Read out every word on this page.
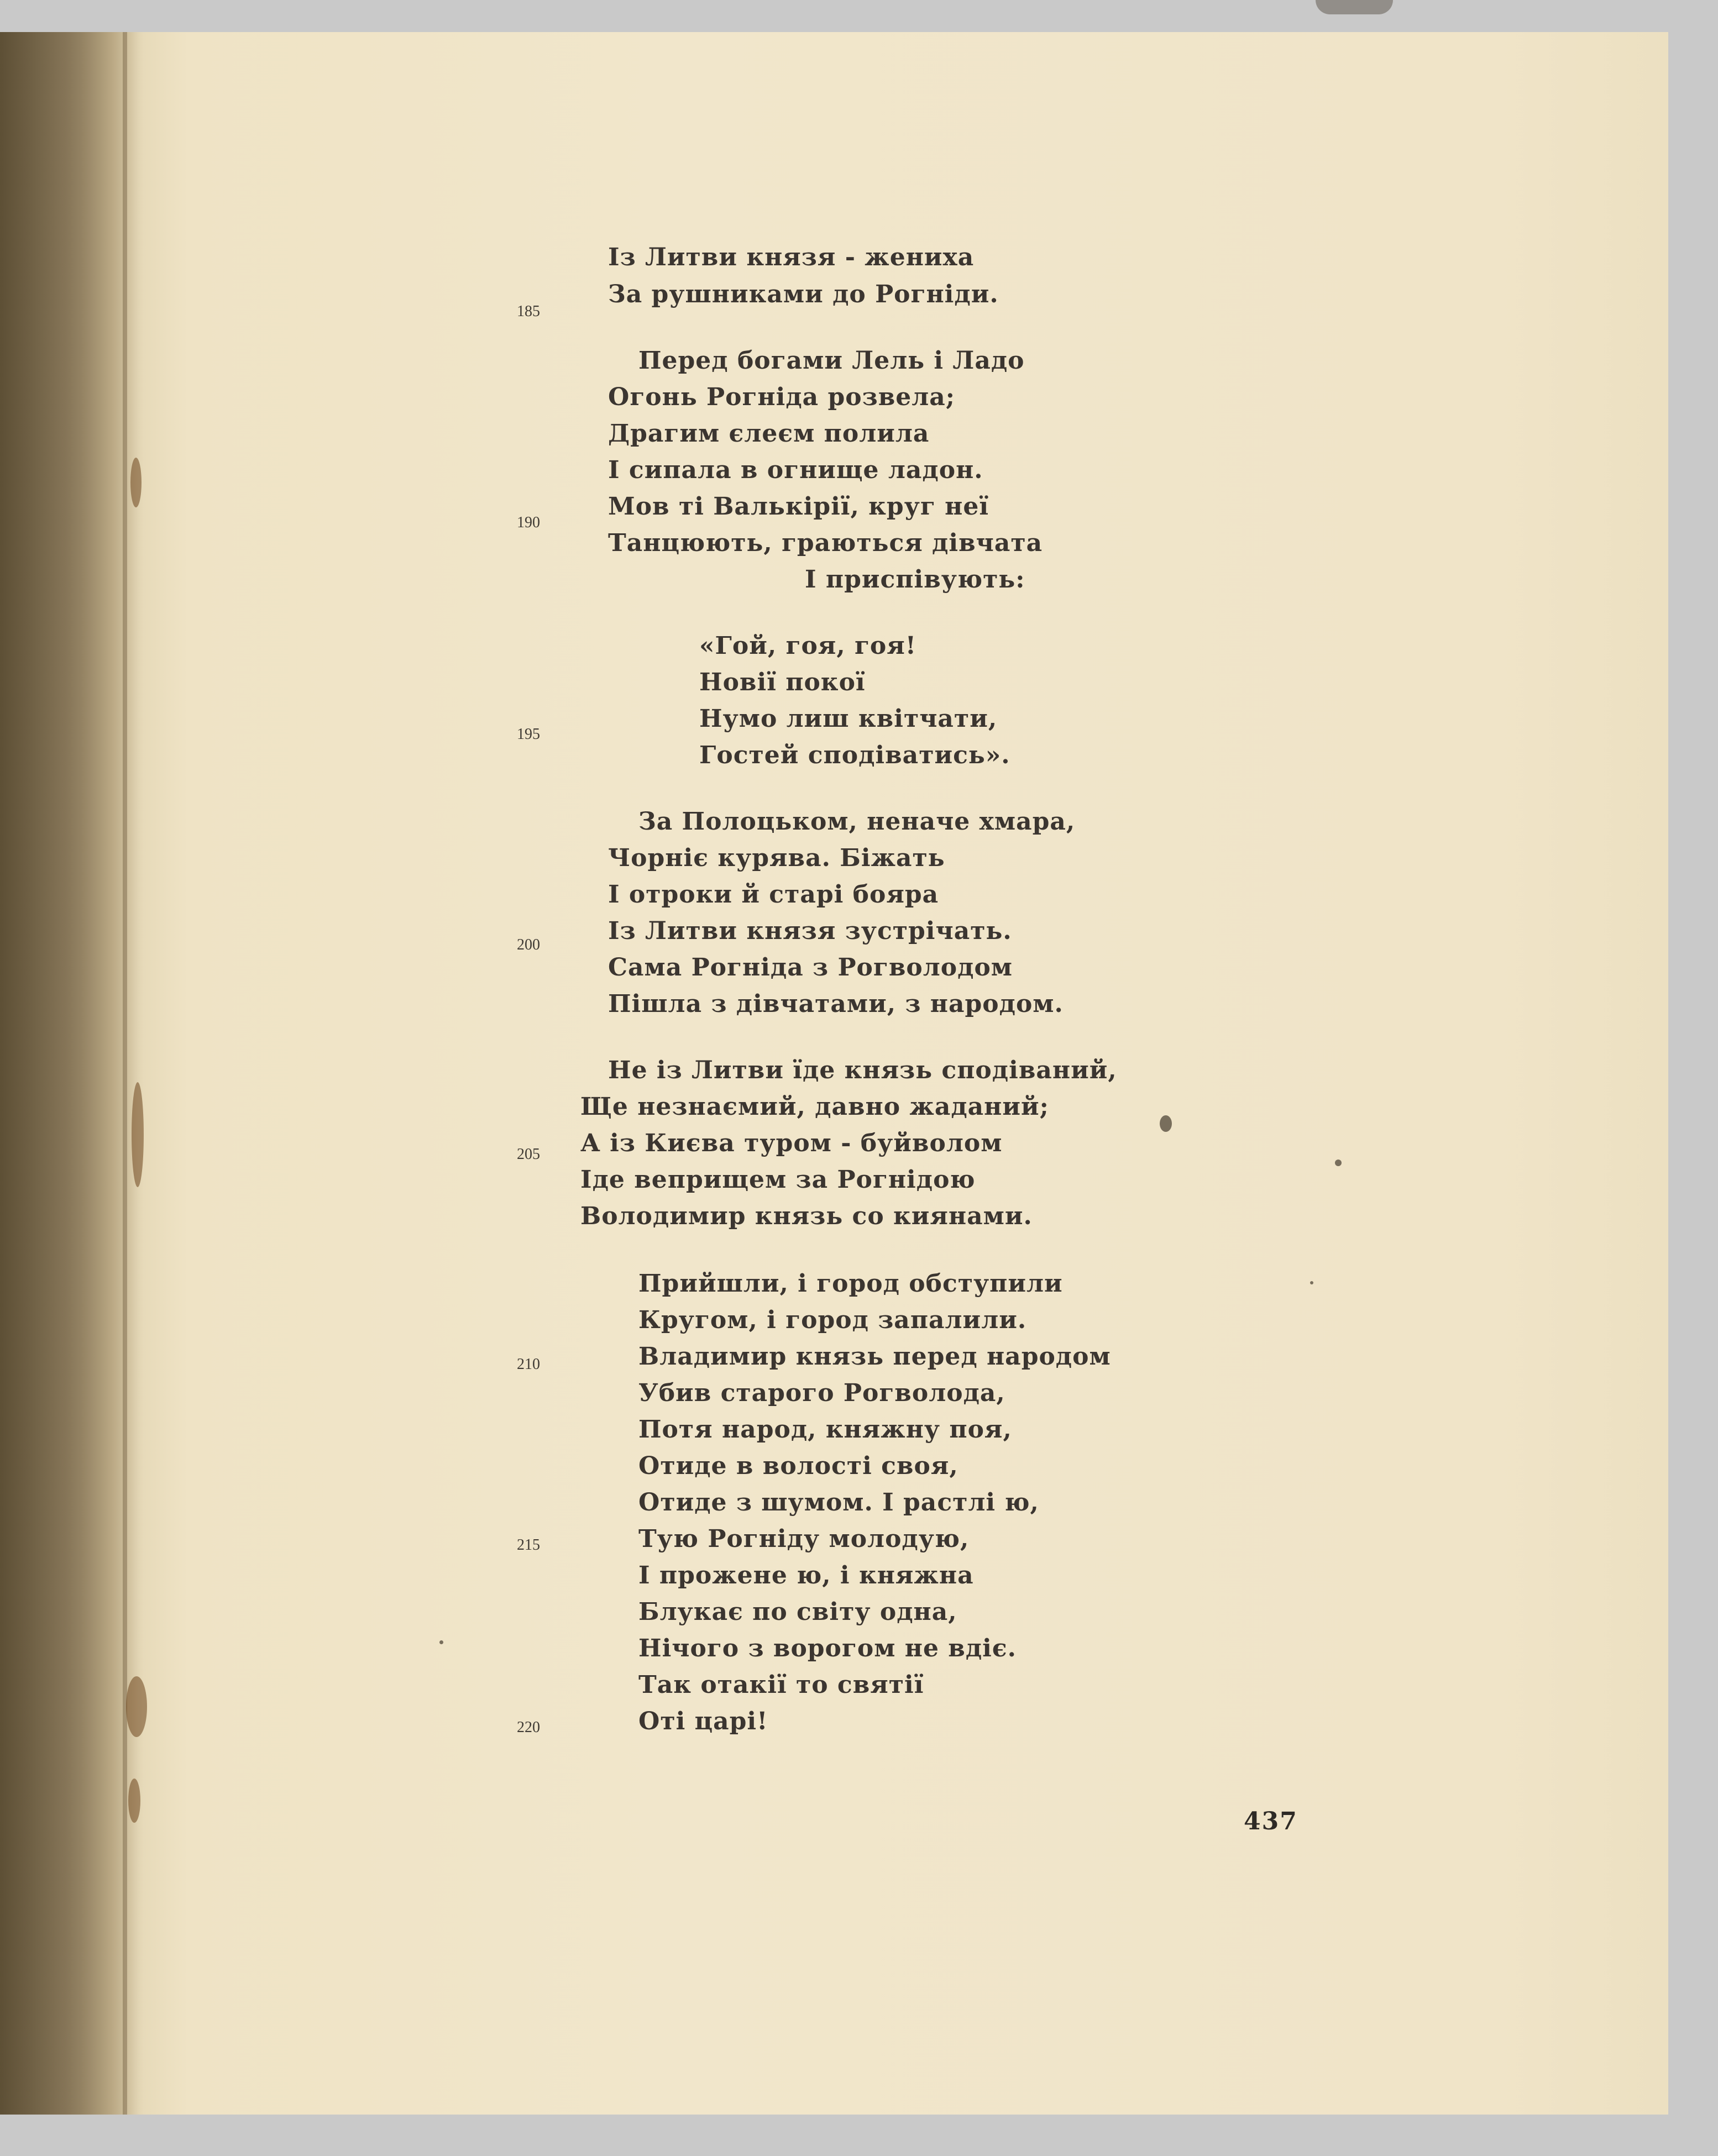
Із Литви князя - жениха
За рушниками до Рогніди.
Перед богами Лель і Ладо
Огонь Рогніда розвела;
Драгим єлеєм полила
І сипала в огнище ладон.
Мов ті Валькірії, круг неї
Танцюють, граються дівчата
І приспівують:
«Гой, гоя, гоя!
Новії покої
Нумо лиш квітчати,
Гостей сподіватись».
За Полоцьком, неначе хмара,
Чорніє курява. Біжать
І отроки й старі бояра
Із Литви князя зустрічать.
Сама Рогніда з Рогволодом
Пішла з дівчатами, з народом.
Не із Литви їде князь сподіваний,
Ще незнаємий, давно жаданий;
А із Києва туром - буйволом
Іде веприщем за Рогнідою
Володимир князь со киянами.
Прийшли, і город обступили
Кругом, і город запалили.
Владимир князь перед народом
Убив старого Рогволода,
Потя народ, княжну поя,
Отиде в волості своя,
Отиде з шумом. І растлі ю,
Тую Рогніду молодую,
І прожене ю, і княжна
Блукає по світу одна,
Нічого з ворогом не вдіє.
Так отакії то святії
Оті царі!
185
190
195
200
205
210
215
220
437
